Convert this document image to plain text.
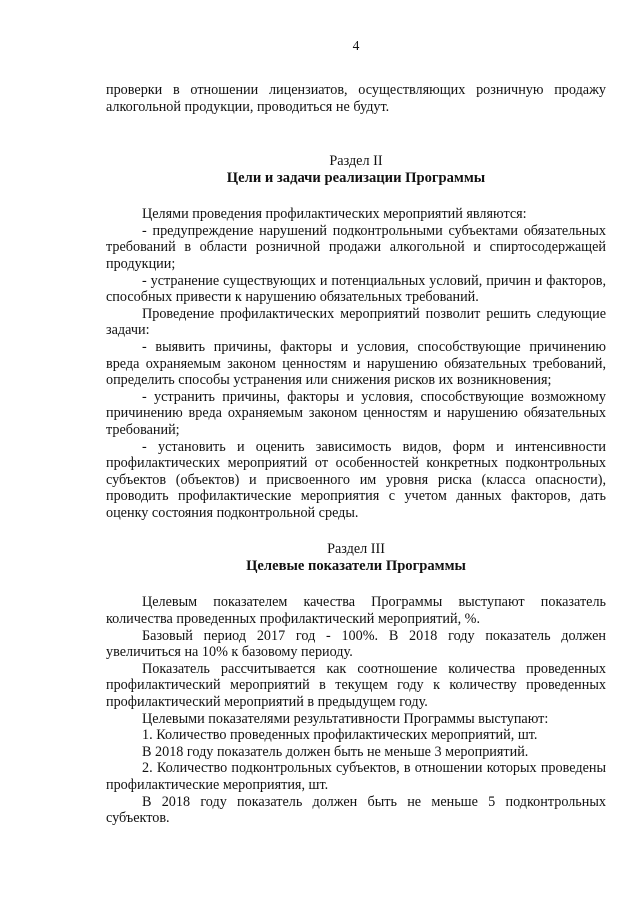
4

проверки в отношении лицензиатов, осуществляющих розничную продажу алкогольной продукции, проводиться не будут.

Раздел II

Цели и задачи реализации Программы

Целями проведения профилактических мероприятий являются:

- предупреждение нарушений подконтрольными субъектами обязательных требований в области розничной продажи алкогольной и спиртосодержащей продукции;

- устранение существующих и потенциальных условий, причин и факторов, способных привести к нарушению обязательных требований.

Проведение профилактических мероприятий позволит решить следующие задачи:

- выявить причины, факторы и условия, способствующие причинению вреда охраняемым законом ценностям и нарушению обязательных требований, определить способы устранения или снижения рисков их возникновения;

- устранить причины, факторы и условия, способствующие возможному причинению вреда охраняемым законом ценностям и нарушению обязательных требований;

- установить и оценить зависимость видов, форм и интенсивности профилактических мероприятий от особенностей конкретных подконтрольных субъектов (объектов) и присвоенного им уровня риска (класса опасности), проводить профилактические мероприятия с учетом данных факторов, дать оценку состояния подконтрольной среды.

Раздел III

Целевые показатели Программы

Целевым показателем качества Программы выступают показатель количества проведенных профилактический мероприятий, %.

Базовый период 2017 год - 100%. В 2018 году показатель должен увеличиться на 10% к базовому периоду.

Показатель рассчитывается как соотношение количества проведенных профилактический мероприятий в текущем году к количеству проведенных профилактический мероприятий в предыдущем году.

Целевыми показателями результативности Программы выступают:

1. Количество проведенных профилактических мероприятий, шт.

В 2018 году показатель должен быть не меньше 3 мероприятий.

2. Количество подконтрольных субъектов, в отношении которых проведены профилактические мероприятия, шт.

В 2018 году показатель должен быть не меньше 5 подконтрольных субъектов.
